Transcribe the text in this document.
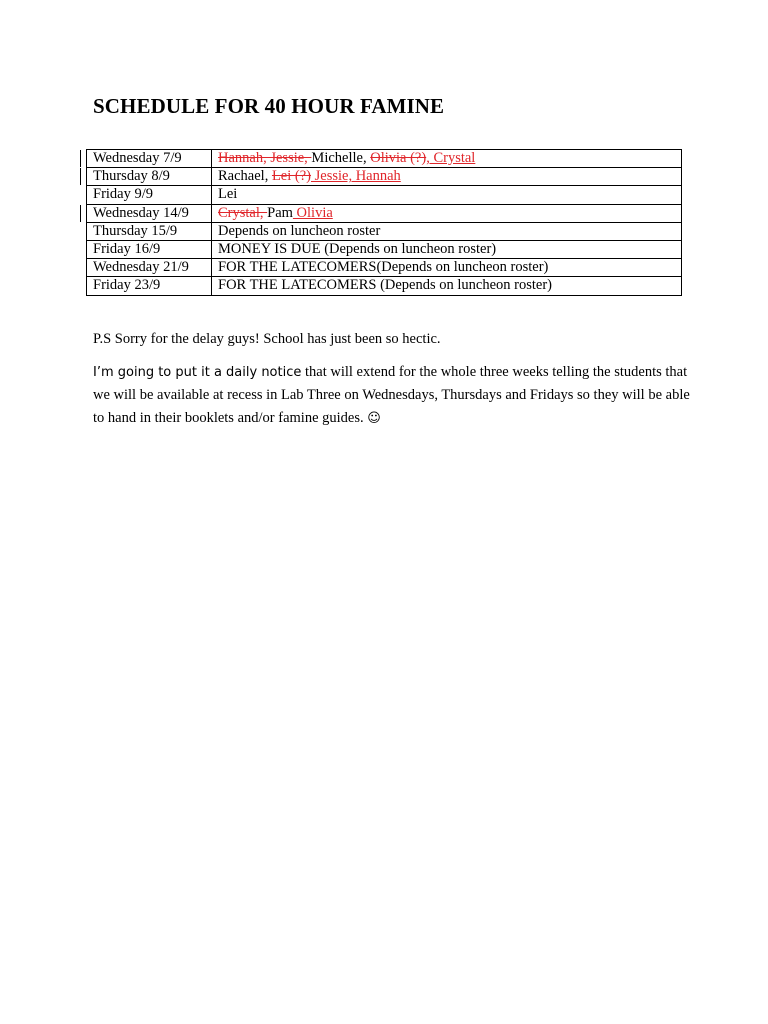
SCHEDULE FOR 40 HOUR FAMINE
Wednesday 7/9	Hannah, Jessie, Michelle, Olivia (?), Crystal
Thursday 8/9	Rachael, Lei (?) Jessie, Hannah
Friday 9/9	Lei
Wednesday 14/9	Crystal, Pam Olivia
Thursday 15/9	Depends on luncheon roster
Friday 16/9	MONEY IS DUE (Depends on luncheon roster)
Wednesday 21/9	FOR THE LATECOMERS(Depends on luncheon roster)
Friday 23/9	FOR THE LATECOMERS (Depends on luncheon roster)

P.S Sorry for the delay guys! School has just been so hectic.

I’m going to put it a daily notice that will extend for the whole three weeks telling the students that we will be available at recess in Lab Three on Wednesdays, Thursdays and Fridays so they will be able to hand in their booklets and/or famine guides. ☺
